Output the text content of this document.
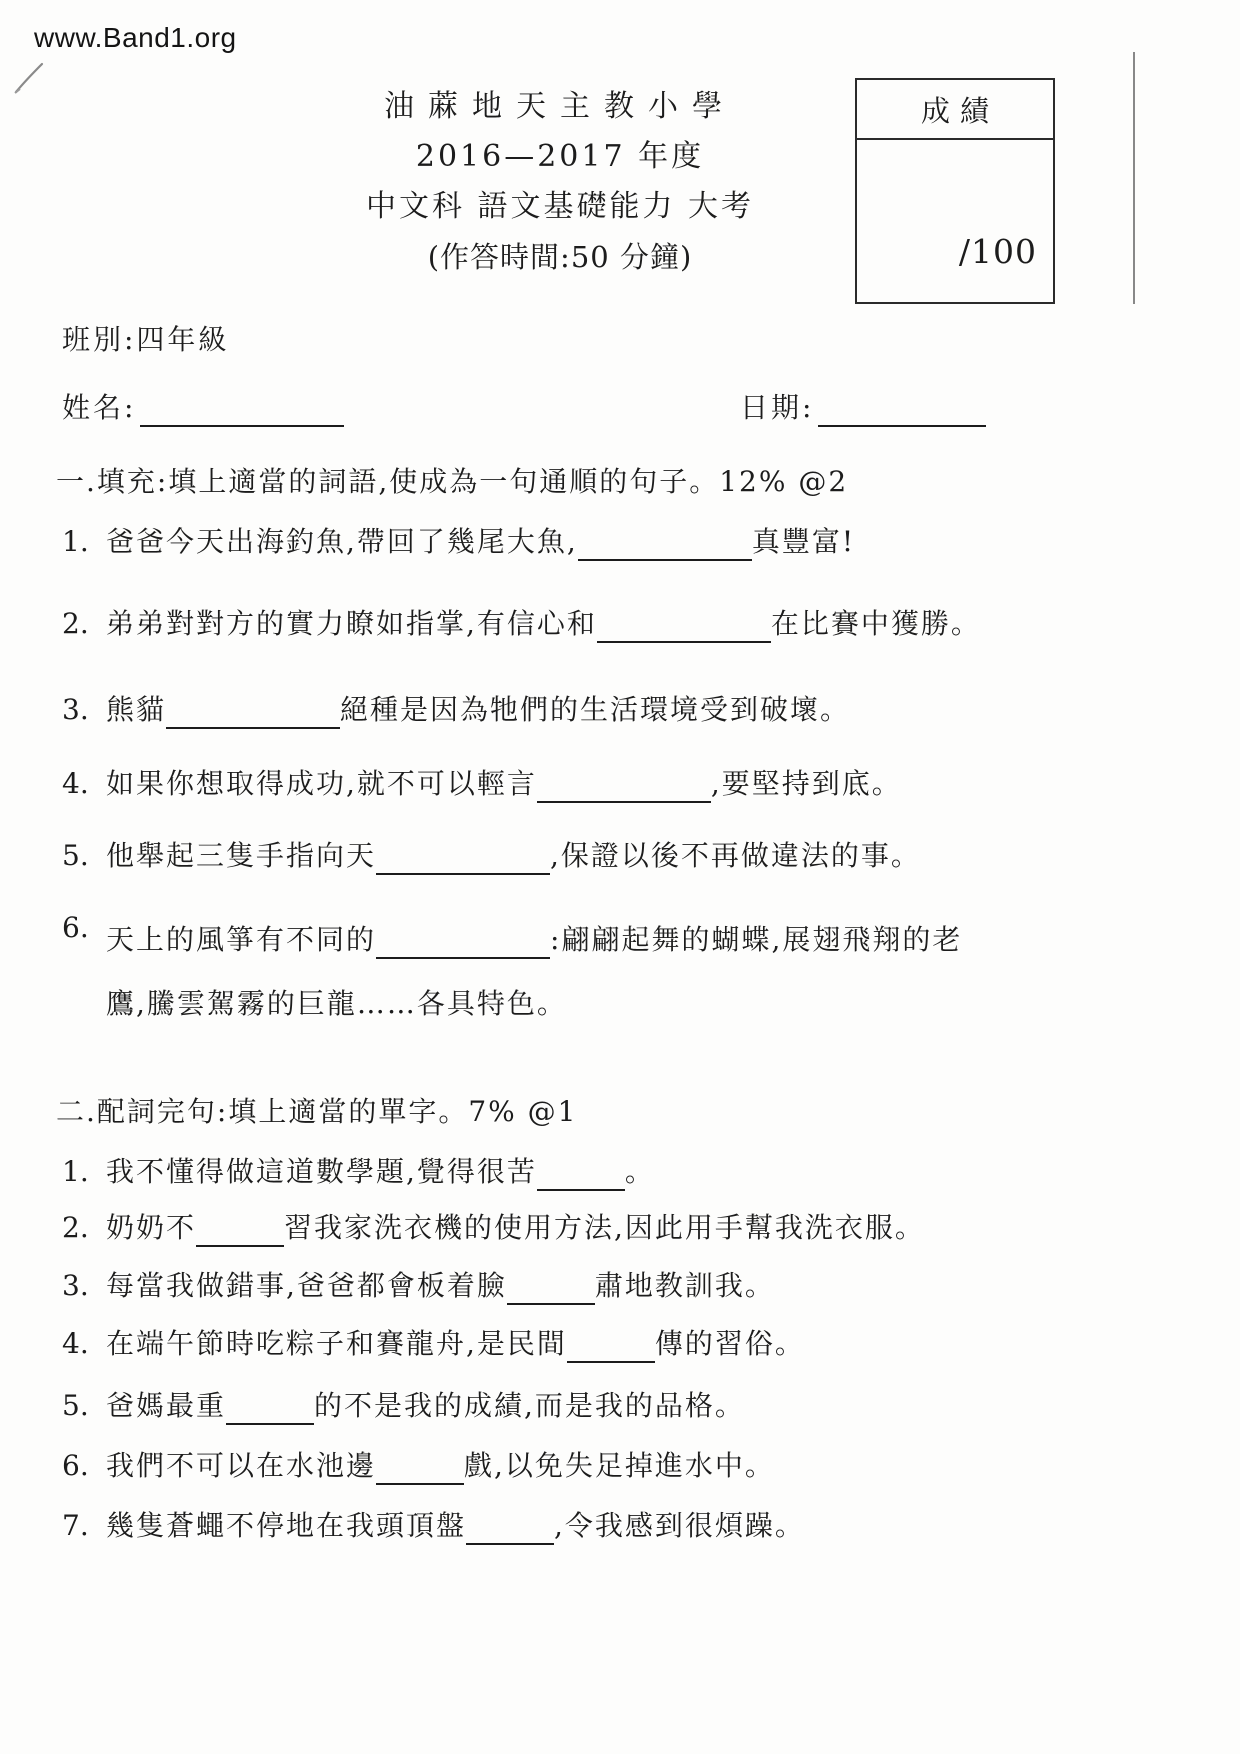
www.Band1.org
油蔴地天主教小學
2016—2017 年度
中文科 語文基礎能力 大考
(作答時間:50 分鐘)
成績
/100
班別:四年級
姓名:	日期:
一.填充:填上適當的詞語,使成為一句通順的句子。12% @2
1. 爸爸今天出海釣魚,帶回了幾尾大魚,	真豐富!
2. 弟弟對對方的實力瞭如指掌,有信心和	在比賽中獲勝。
3. 熊貓	絕種是因為牠們的生活環境受到破壞。
4. 如果你想取得成功,就不可以輕言	,要堅持到底。
5. 他舉起三隻手指向天	,保證以後不再做違法的事。
6. 天上的風箏有不同的	:翩翩起舞的蝴蝶,展翅飛翔的老鷹,騰雲駕霧的巨龍……各具特色。
二.配詞完句:填上適當的單字。7% @1
1. 我不懂得做這道數學題,覺得很苦	。
2. 奶奶不	習我家洗衣機的使用方法,因此用手幫我洗衣服。
3. 每當我做錯事,爸爸都會板着臉	肅地教訓我。
4. 在端午節時吃粽子和賽龍舟,是民間	傳的習俗。
5. 爸媽最重	的不是我的成績,而是我的品格。
6. 我們不可以在水池邊	戲,以免失足掉進水中。
7. 幾隻蒼蠅不停地在我頭頂盤	,令我感到很煩躁。
